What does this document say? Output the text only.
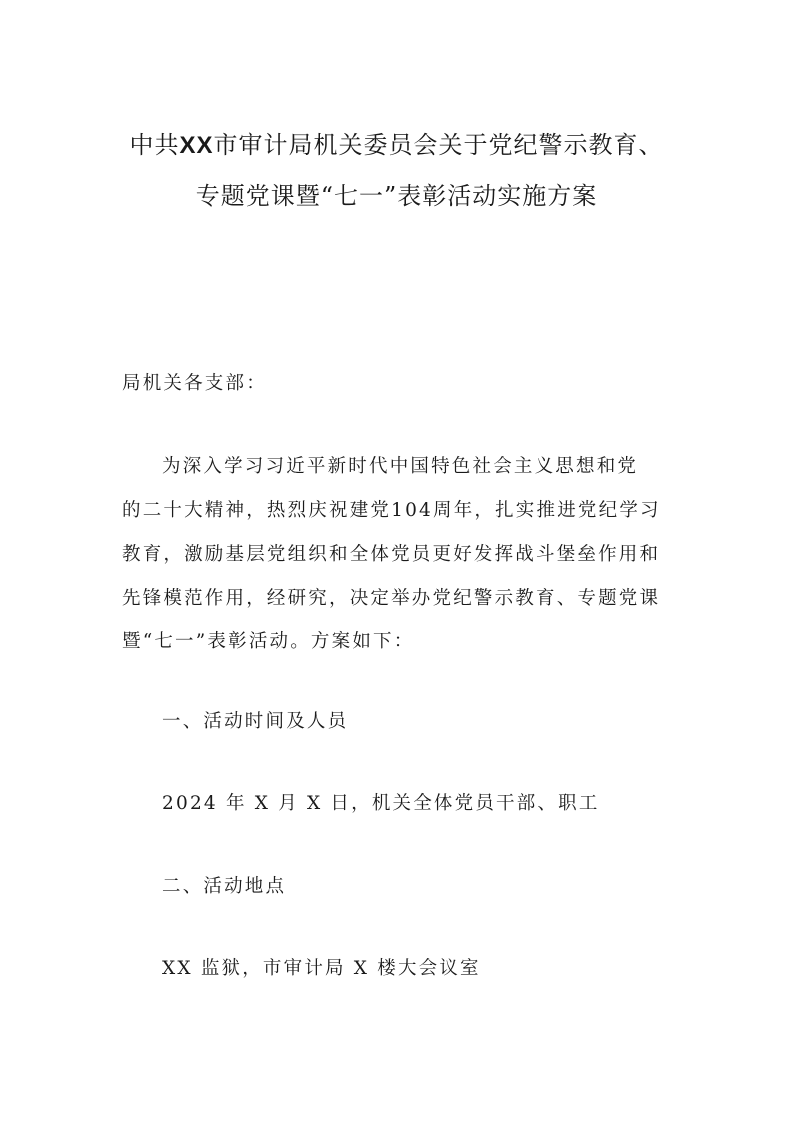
中共XX市审计局机关委员会关于党纪警示教育、
专题党课暨“七一”表彰活动实施方案
局机关各支部：
为深入学习习近平新时代中国特色社会主义思想和党
的二十大精神，热烈庆祝建党104周年，扎实推进党纪学习
教育，激励基层党组织和全体党员更好发挥战斗堡垒作用和
先锋模范作用，经研究，决定举办党纪警示教育、专题党课
暨“七一”表彰活动。方案如下：
一、活动时间及人员
2024 年 X 月 X 日，机关全体党员干部、职工
二、活动地点
XX 监狱，市审计局 X 楼大会议室
